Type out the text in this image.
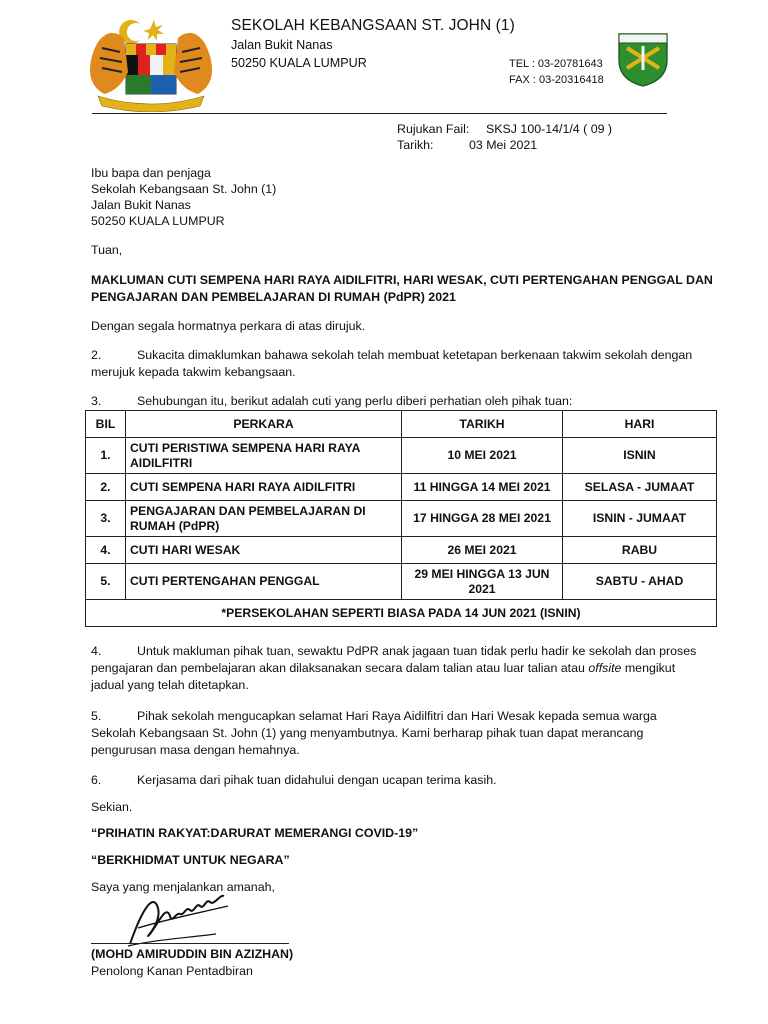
SEKOLAH KEBANGSAAN ST. JOHN (1)
Jalan Bukit Nanas
50250 KUALA LUMPUR	TEL : 03-20781643
FAX : 03-20316418
Rujukan Fail: SKSJ 100-14/1/4 ( 09 )
Tarikh:	03 Mei 2021
Ibu bapa dan penjaga
Sekolah Kebangsaan St. John (1)
Jalan Bukit Nanas
50250 KUALA LUMPUR
Tuan,
MAKLUMAN CUTI SEMPENA HARI RAYA AIDILFITRI, HARI WESAK, CUTI PERTENGAHAN PENGGAL DAN PENGAJARAN DAN PEMBELAJARAN DI RUMAH (PdPR) 2021
Dengan segala hormatnya perkara di atas dirujuk.
2.	Sukacita dimaklumkan bahawa sekolah telah membuat ketetapan berkenaan takwim sekolah dengan merujuk kepada takwim kebangsaan.
3.	Sehubungan itu, berikut adalah cuti yang perlu diberi perhatian oleh pihak tuan:
BIL	PERKARA	TARIKH	HARI
1.	CUTI PERISTIWA SEMPENA HARI RAYA AIDILFITRI	10 MEI 2021	ISNIN
2.	CUTI SEMPENA HARI RAYA AIDILFITRI	11 HINGGA 14 MEI 2021	SELASA - JUMAAT
3.	PENGAJARAN DAN PEMBELAJARAN DI RUMAH (PdPR)	17 HINGGA 28 MEI 2021	ISNIN - JUMAAT
4.	CUTI HARI WESAK	26 MEI 2021	RABU
5.	CUTI PERTENGAHAN PENGGAL	29 MEI HINGGA 13 JUN 2021	SABTU - AHAD
*PERSEKOLAHAN SEPERTI BIASA PADA 14 JUN 2021 (ISNIN)			
4.	Untuk makluman pihak tuan, sewaktu PdPR anak jagaan tuan tidak perlu hadir ke sekolah dan proses pengajaran dan pembelajaran akan dilaksanakan secara dalam talian atau luar talian atau offsite mengikut jadual yang telah ditetapkan.
5.	Pihak sekolah mengucapkan selamat Hari Raya Aidilfitri dan Hari Wesak kepada semua warga Sekolah Kebangsaan St. John (1) yang menyambutnya. Kami berharap pihak tuan dapat merancang pengurusan masa dengan hemahnya.
6.	Kerjasama dari pihak tuan didahului dengan ucapan terima kasih.
Sekian.
“PRIHATIN RAKYAT:DARURAT MEMERANGI COVID-19”
“BERKHIDMAT UNTUK NEGARA”
Saya yang menjalankan amanah,
(MOHD AMIRUDDIN BIN AZIZHAN)
Penolong Kanan Pentadbiran
